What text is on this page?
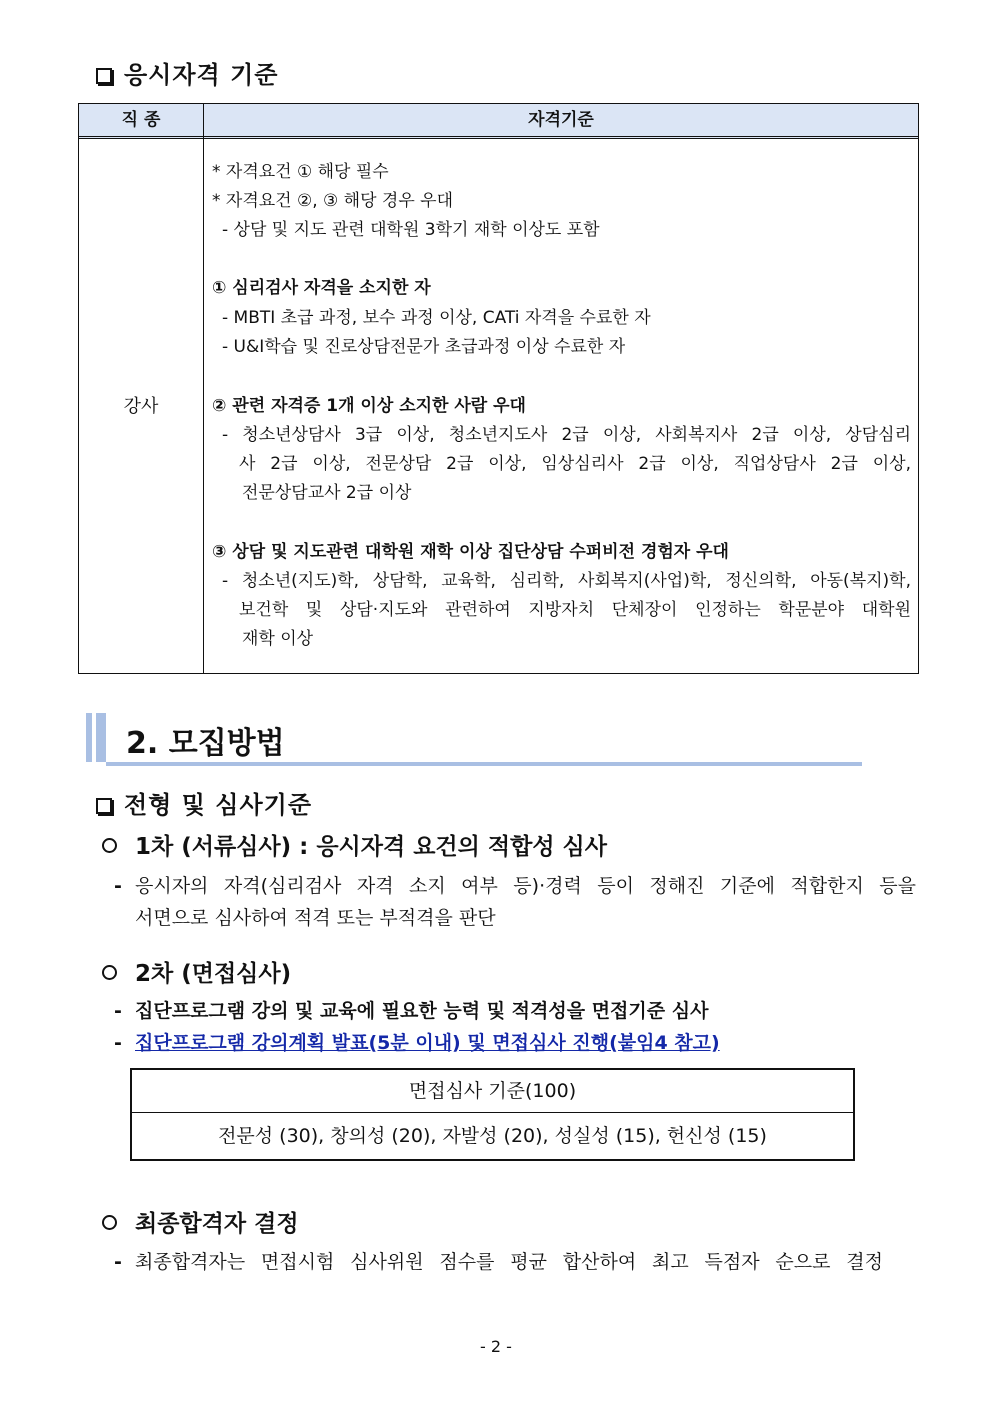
응시자격 기준
직 종	자격기준
강사
* 자격요건 ① 해당 필수
* 자격요건 ②, ③ 해당 경우 우대
- 상담 및 지도 관련 대학원 3학기 재학 이상도 포함
① 심리검사 자격을 소지한 자
- MBTI 초급 과정, 보수 과정 이상, CATi 자격을 수료한 자
- U&I학습 및 진로상담전문가 초급과정 이상 수료한 자
② 관련 자격증 1개 이상 소지한 사람 우대
- 청소년상담사 3급 이상, 청소년지도사 2급 이상, 사회복지사 2급 이상, 상담심리
사 2급 이상, 전문상담 2급 이상, 임상심리사 2급 이상, 직업상담사 2급 이상,
전문상담교사 2급 이상
③ 상담 및 지도관련 대학원 재학 이상 집단상담 수퍼비전 경험자 우대
- 청소년(지도)학, 상담학, 교육학, 심리학, 사회복지(사업)학, 정신의학, 아동(복지)학,
보건학 및 상담·지도와 관련하여 지방자치 단체장이 인정하는 학문분야 대학원
재학 이상
2. 모집방법
전형 및 심사기준
1차 (서류심사) : 응시자격 요건의 적합성 심사
- 응시자의 자격(심리검사 자격 소지 여부 등)·경력 등이 정해진 기준에 적합한지 등을
서면으로 심사하여 적격 또는 부적격을 판단
2차 (면접심사)
- 집단프로그램 강의 및 교육에 필요한 능력 및 적격성을 면접기준 심사
- 집단프로그램 강의계획 발표(5분 이내) 및 면접심사 진행(붙임4 참고)
면접심사 기준(100)
전문성 (30), 창의성 (20), 자발성 (20), 성실성 (15), 헌신성 (15)
최종합격자 결정
- 최종합격자는 면접시험 심사위원 점수를 평균 합산하여 최고 득점자 순으로 결정
- 2 -
